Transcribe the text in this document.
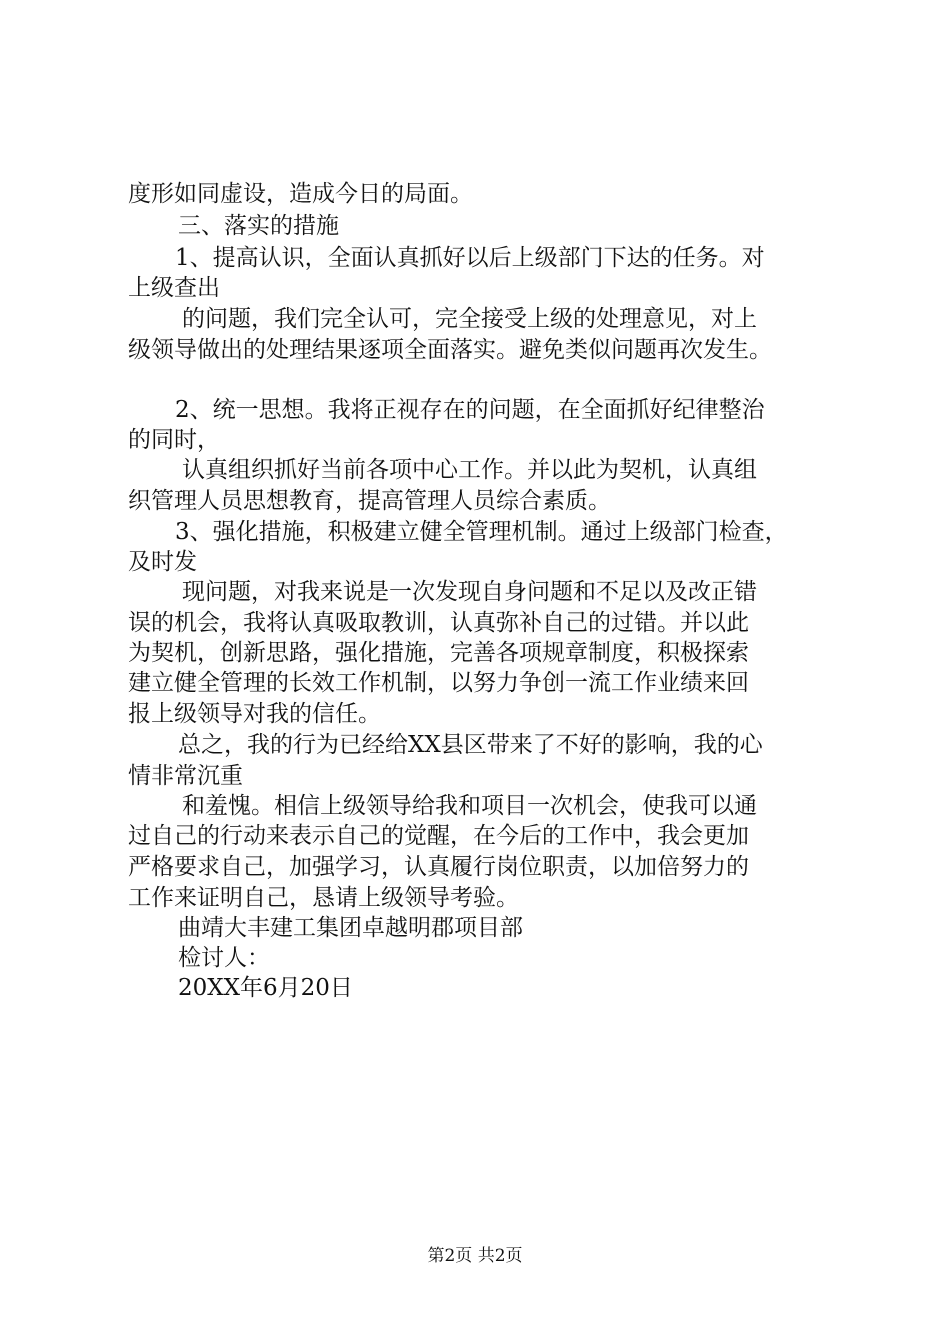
度形如同虚设，造成今日的局面。
三、落实的措施
1、提高认识，全面认真抓好以后上级部门下达的任务。对
上级查出
的问题，我们完全认可，完全接受上级的处理意见，对上
级领导做出的处理结果逐项全面落实。避免类似问题再次发生。
2、统一思想。我将正视存在的问题，在全面抓好纪律整治
的同时，
认真组织抓好当前各项中心工作。并以此为契机，认真组
织管理人员思想教育，提高管理人员综合素质。
3、强化措施，积极建立健全管理机制。通过上级部门检查，
及时发
现问题，对我来说是一次发现自身问题和不足以及改正错
误的机会，我将认真吸取教训，认真弥补自己的过错。并以此
为契机，创新思路，强化措施，完善各项规章制度，积极探索
建立健全管理的长效工作机制，以努力争创一流工作业绩来回
报上级领导对我的信任。
总之，我的行为已经给XX县区带来了不好的影响，我的心
情非常沉重
和羞愧。相信上级领导给我和项目一次机会，使我可以通
过自己的行动来表示自己的觉醒，在今后的工作中，我会更加
严格要求自己，加强学习，认真履行岗位职责，以加倍努力的
工作来证明自己，恳请上级领导考验。
曲靖大丰建工集团卓越明郡项目部
检讨人：
20XX年6月20日
第2页 共2页
